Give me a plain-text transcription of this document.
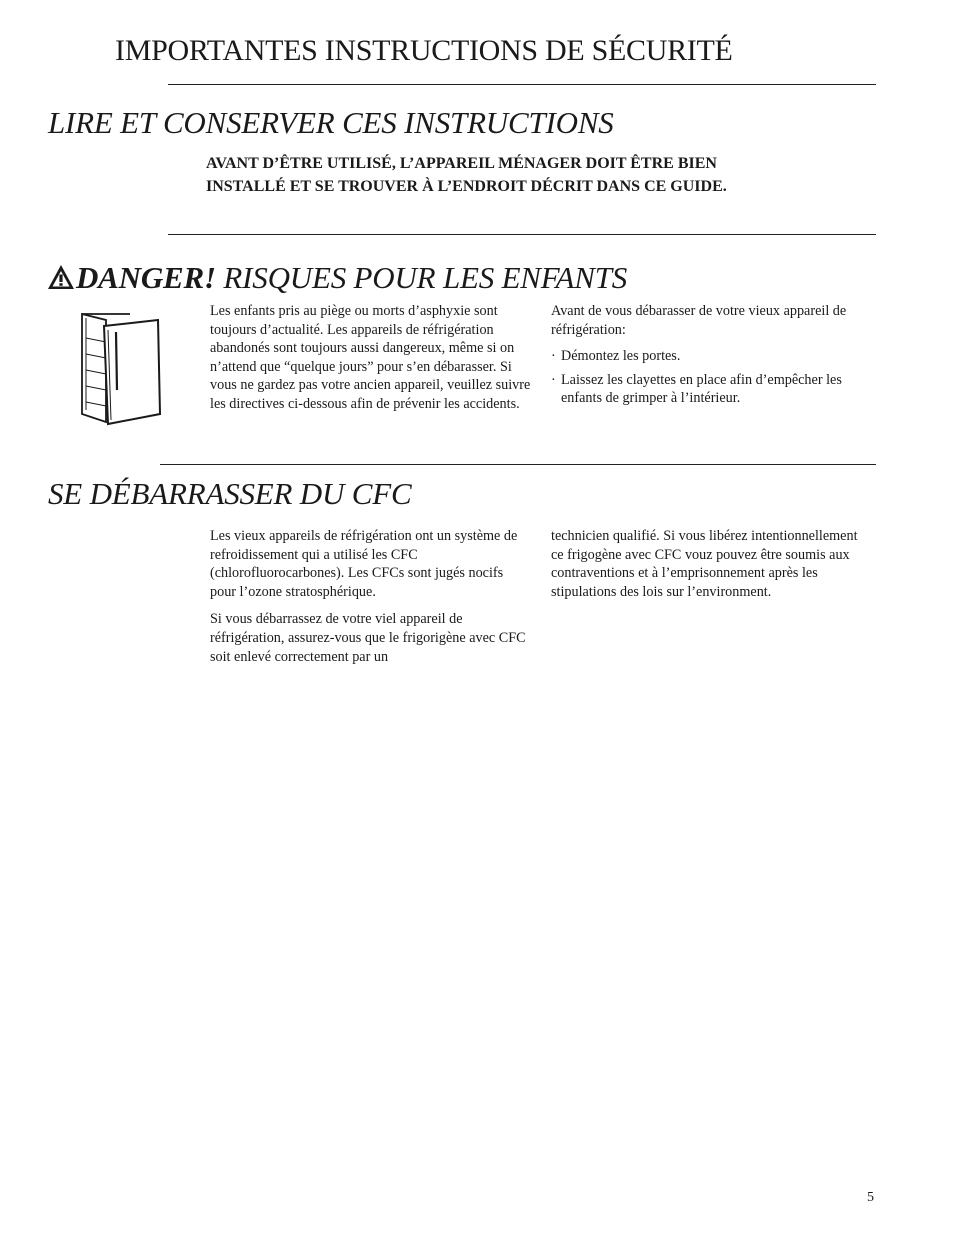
IMPORTANTES INSTRUCTIONS DE SÉCURITÉ
LIRE ET CONSERVER CES INSTRUCTIONS
AVANT D’ÊTRE UTILISÉ, L’APPAREIL MÉNAGER DOIT ÊTRE BIEN
INSTALLÉ ET SE TROUVER À L’ENDROIT DÉCRIT DANS CE GUIDE.
DANGER! RISQUES POUR LES ENFANTS

Les enfants pris au piège ou morts d’asphyxie sont toujours d’actualité. Les appareils de réfrigération abandonés sont toujours aussi dangereux, même si on n’attend que “quelque jours” pour s’en débarasser. Si vous ne gardez pas votre ancien appareil, veuillez suivre les directives ci-dessous afin de prévenir les accidents.

Avant de vous débarasser de votre vieux appareil de réfrigération:

· Démontez les portes.
· Laissez les clayettes en place afin d’empêcher les enfants de grimper à l’intérieur.
SE DÉBARRASSER DU CFC

Les vieux appareils de réfrigération ont un système de refroidissement qui a utilisé les CFC (chlorofluorocarbones). Les CFCs sont jugés nocifs pour l’ozone stratosphérique.

Si vous débarrassez de votre viel appareil de réfrigération, assurez-vous que le frigorigène avec CFC soit enlevé correctement par un

technicien qualifié. Si vous libérez intentionnellement ce frigogène avec CFC vouz pouvez être soumis aux contraventions et à l’emprisonnement après les stipulations des lois sur l’environment.

5
